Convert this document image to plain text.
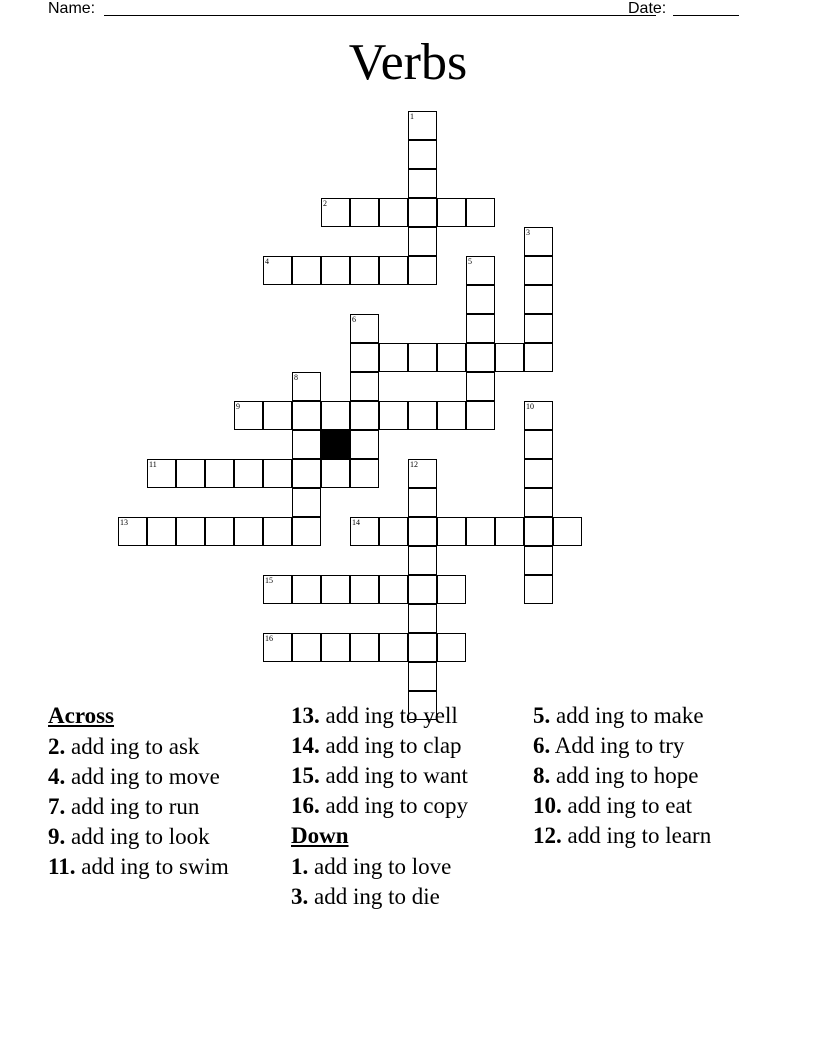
Name:	Date:
Verbs
1
2
4
3
5
6
8
9	10
11	12
13	14
15
16
Across
2. add ing to ask
4. add ing to move
7. add ing to run
9. add ing to look
11. add ing to swim
13. add ing to yell
14. add ing to clap
15. add ing to want
16. add ing to copy
Down
1. add ing to love
3. add ing to die
5. add ing to make
6. Add ing to try
8. add ing to hope
10. add ing to eat
12. add ing to learn
